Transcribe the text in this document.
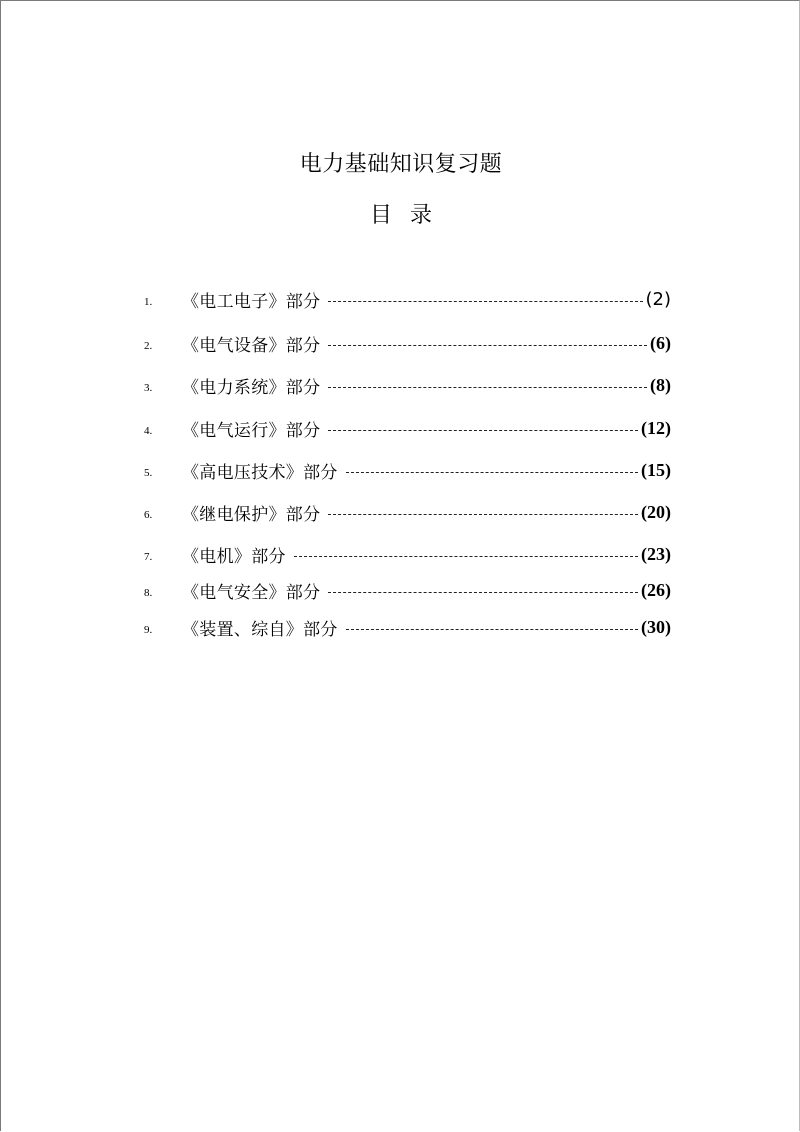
电力基础知识复习题
目 录
1.	《电工电子》部分	(2)
2.	《电气设备》部分	(6)
3.	《电力系统》部分	(8)
4.	《电气运行》部分	(12)
5.	《高电压技术》部分	(15)
6.	《继电保护》部分	(20)
7.	《电机》部分	(23)
8.	《电气安全》部分	(26)
9.	《装置、综自》部分	(30)
